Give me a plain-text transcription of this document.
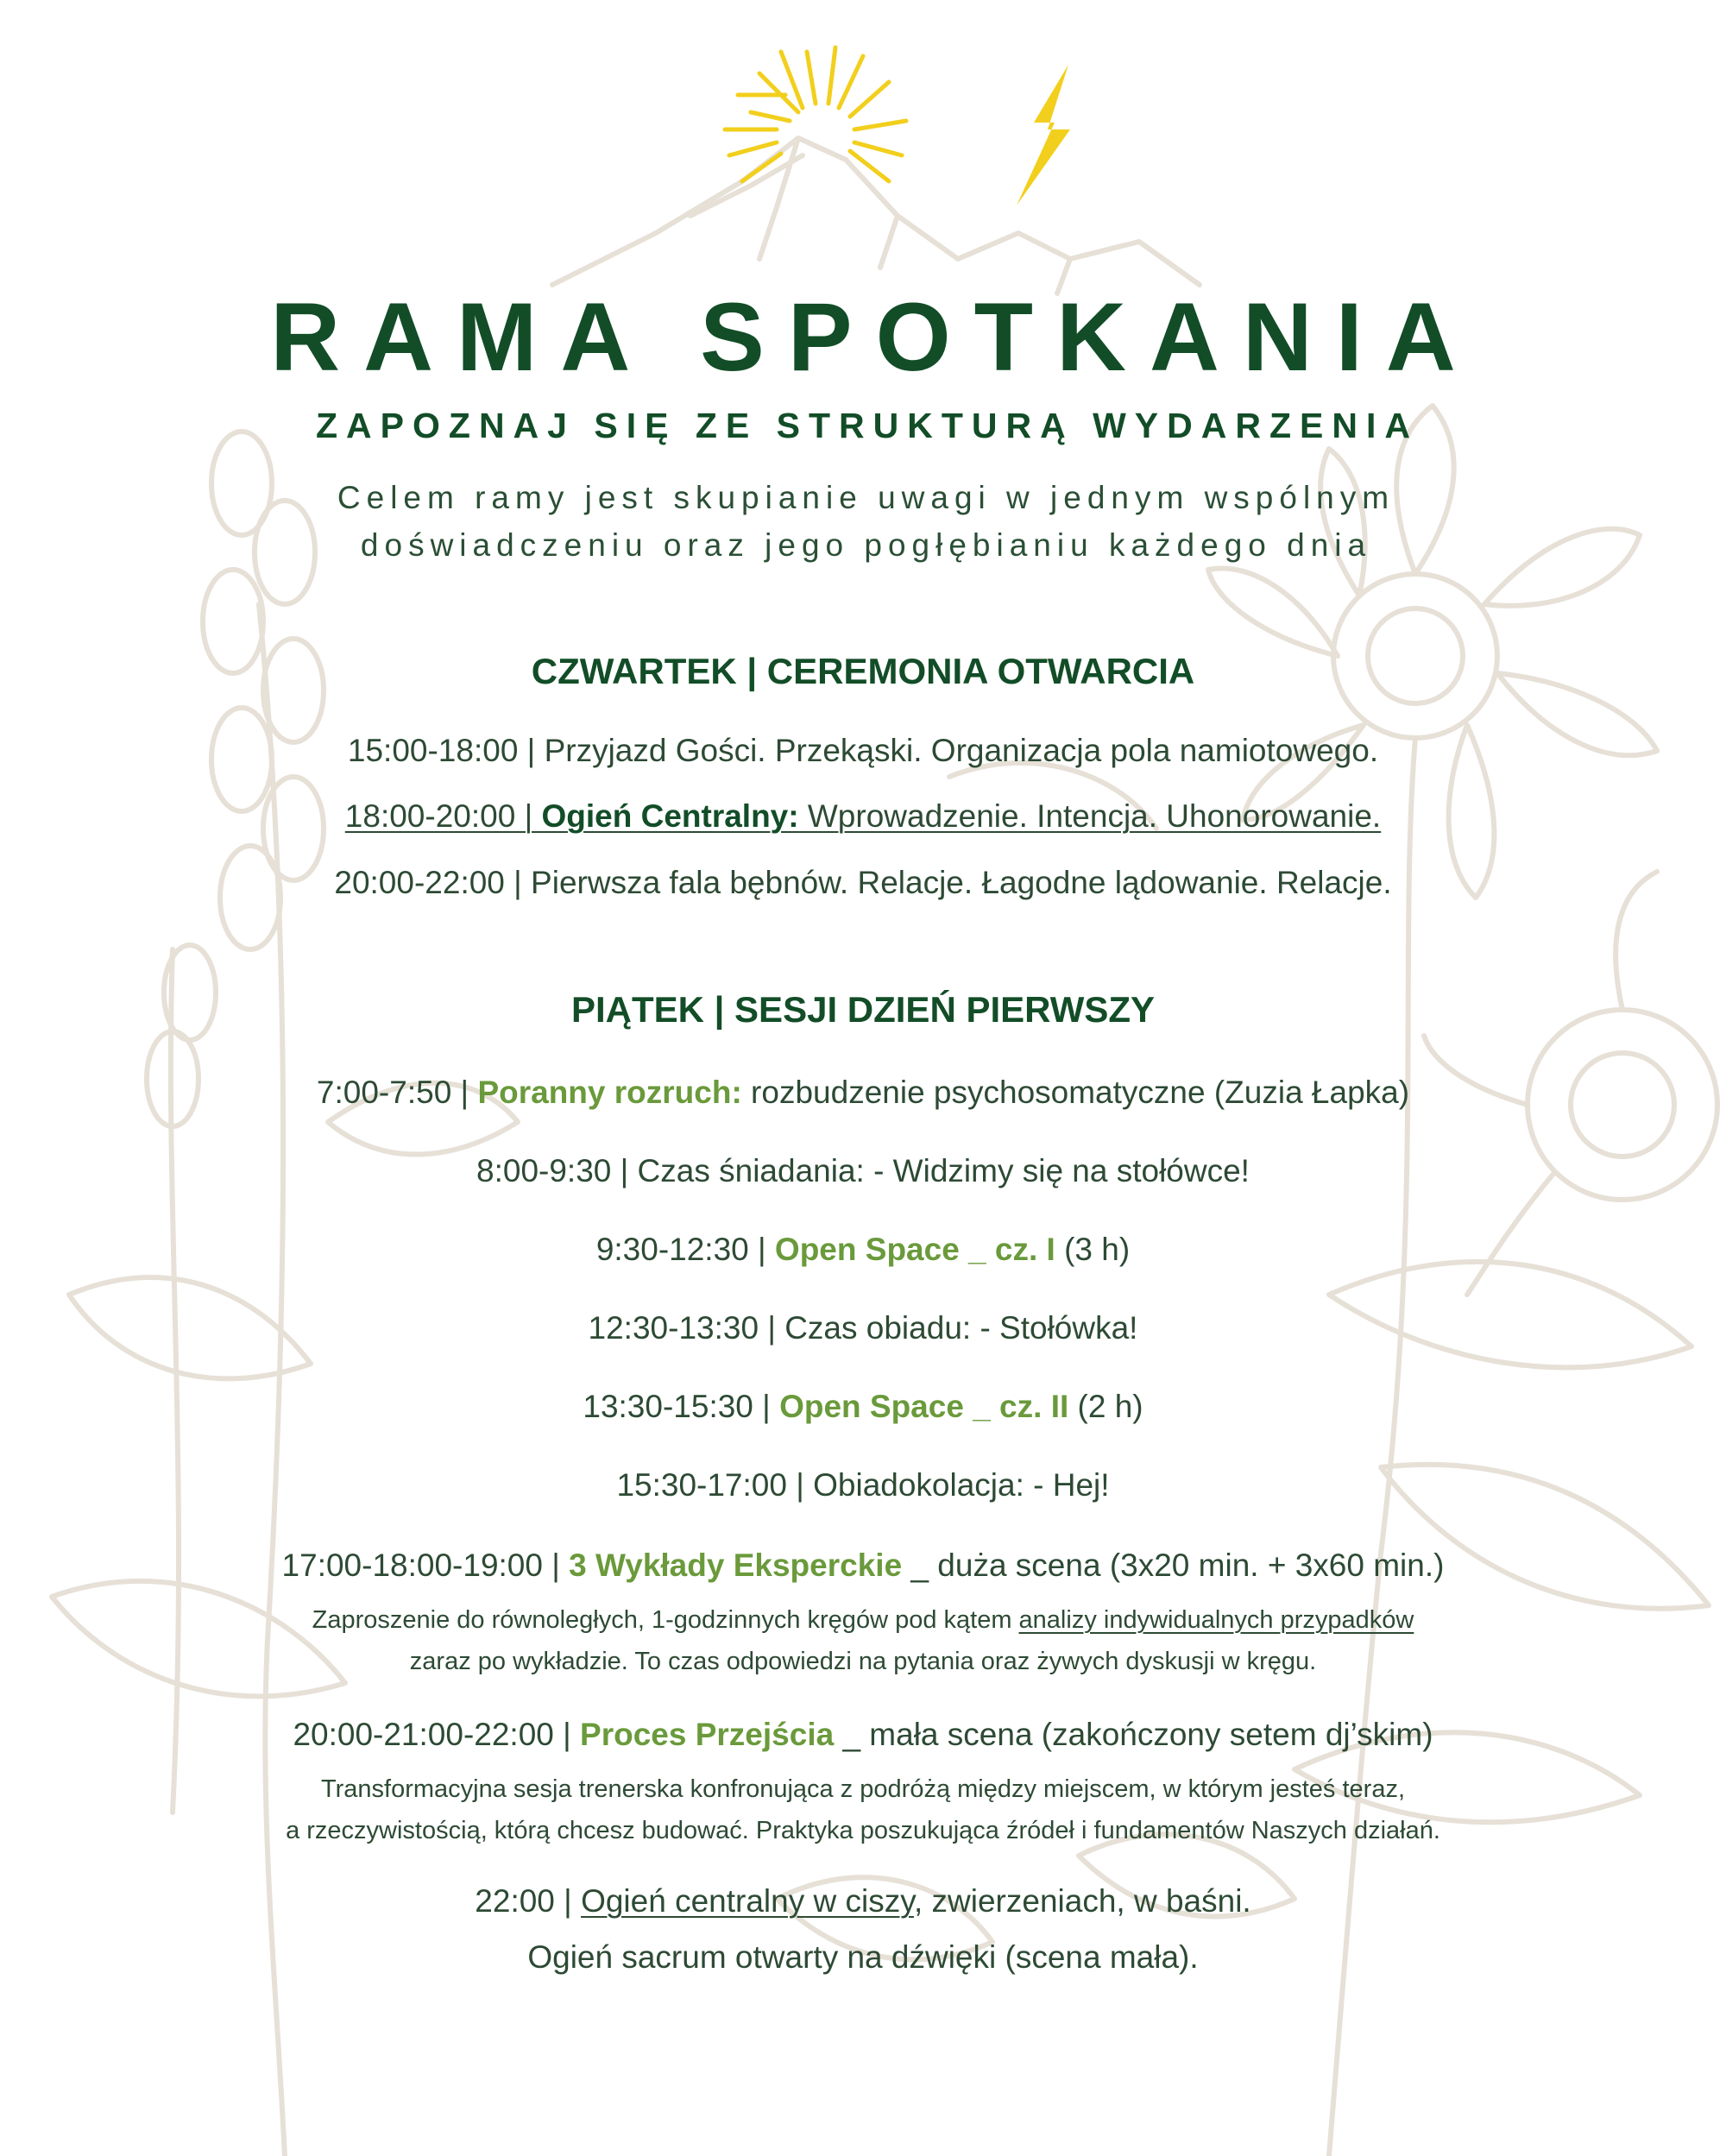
RAMA SPOTKANIA
ZAPOZNAJ SIĘ ZE STRUKTURĄ WYDARZENIA
Celem ramy jest skupianie uwagi w jednym wspólnym
doświadczeniu oraz jego pogłębianiu każdego dnia
CZWARTEK | CEREMONIA OTWARCIA
15:00-18:00 | Przyjazd Gości. Przekąski. Organizacja pola namiotowego.
18:00-20:00 | Ogień Centralny: Wprowadzenie. Intencja. Uhonorowanie.
20:00-22:00 | Pierwsza fala bębnów. Relacje. Łagodne lądowanie. Relacje.
PIĄTEK | SESJI DZIEŃ PIERWSZY
7:00-7:50 | Poranny rozruch: rozbudzenie psychosomatyczne (Zuzia Łapka)
8:00-9:30 | Czas śniadania: - Widzimy się na stołówce!
9:30-12:30 | Open Space _ cz. I (3 h)
12:30-13:30 | Czas obiadu: - Stołówka!
13:30-15:30 | Open Space _ cz. II (2 h)
15:30-17:00 | Obiadokolacja: - Hej!
17:00-18:00-19:00 | 3 Wykłady Eksperckie _ duża scena (3x20 min. + 3x60 min.)
Zaproszenie do równoległych, 1-godzinnych kręgów pod kątem analizy indywidualnych przypadków
zaraz po wykładzie. To czas odpowiedzi na pytania oraz żywych dyskusji w kręgu.
20:00-21:00-22:00 | Proces Przejścia _ mała scena (zakończony setem dj’skim)
Transformacyjna sesja trenerska konfronująca z podróżą między miejscem, w którym jesteś teraz,
a rzeczywistością, którą chcesz budować. Praktyka poszukująca źródeł i fundamentów Naszych działań.
22:00 | Ogień centralny w ciszy, zwierzeniach, w baśni.
Ogień sacrum otwarty na dźwięki (scena mała).
